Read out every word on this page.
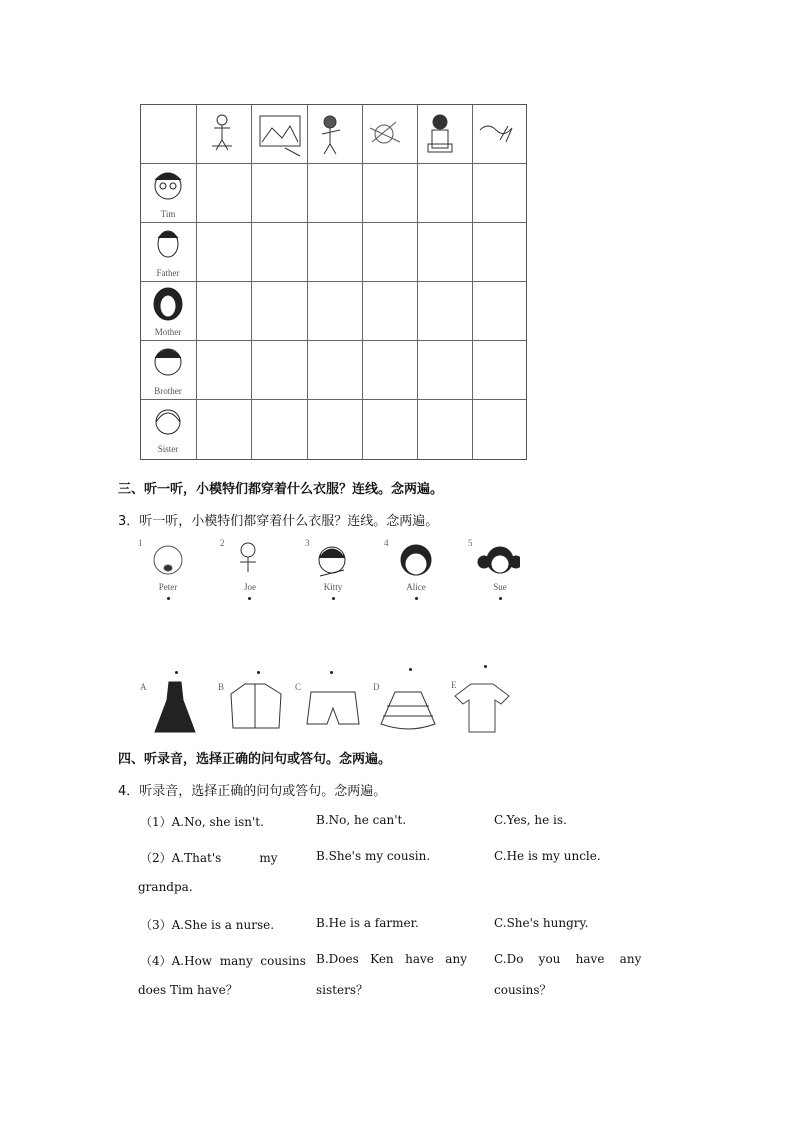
Tim
Father
Mother
Brother
Sister
三、听一听，小模特们都穿着什么衣服？连线。念两遍。
3．听一听，小模特们都穿着什么衣服？连线。念两遍。
1	2	3	4	5
Peter	Joe	Kitty	Alice	Sue
A	B	C	D	E
四、听录音，选择正确的问句或答句。念两遍。
4．听录音，选择正确的问句或答句。念两遍。
（1）A.No, she isn't.	B.No, he can't.	C.Yes, he is.
（2）A.That's          my	B.She's my cousin.	C.He is my uncle.
grandpa.
（3）A.She is a nurse.	B.He is a farmer.	C.She's hungry.
（4）A.How  many  cousins B.Does   Ken   have   any C.Do    you    have    any
does Tim have？	sisters？	cousins？
